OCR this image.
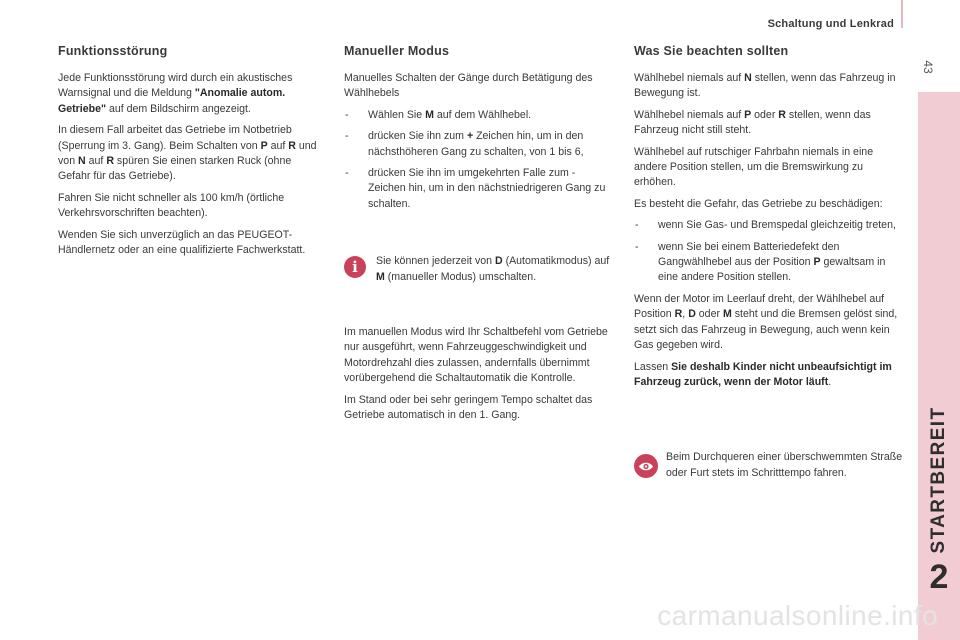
Schaltung und Lenkrad
43
STARTBEREIT
2
Funktionsstörung

Jede Funktionsstörung wird durch ein akustisches Warnsignal und die Meldung "Anomalie autom. Getriebe" auf dem Bildschirm angezeigt.

In diesem Fall arbeitet das Getriebe im Notbetrieb (Sperrung im 3. Gang). Beim Schalten von P auf R und von N auf R spüren Sie einen starken Ruck (ohne Gefahr für das Getriebe).

Fahren Sie nicht schneller als 100 km/h (örtliche Verkehrsvorschriften beachten).

Wenden Sie sich unverzüglich an das PEUGEOT-Händlernetz oder an eine qualifizierte Fachwerkstatt.

Manueller Modus

Manuelles Schalten der Gänge durch Betätigung des Wählhebels

- Wählen Sie M auf dem Wählhebel.
- drücken Sie ihn zum + Zeichen hin, um in den nächsthöheren Gang zu schalten, von 1 bis 6,
- drücken Sie ihn im umgekehrten Falle zum - Zeichen hin, um in den nächstniedrigeren Gang zu schalten.
i	Sie können jederzeit von D (Automatikmodus) auf M (manueller Modus) umschalten.

Im manuellen Modus wird Ihr Schaltbefehl vom Getriebe nur ausgeführt, wenn Fahrzeuggeschwindigkeit und Motordrehzahl dies zulassen, andernfalls übernimmt vorübergehend die Schaltautomatik die Kontrolle.

Im Stand oder bei sehr geringem Tempo schaltet das Getriebe automatisch in den 1. Gang.

Was Sie beachten sollten

Wählhebel niemals auf N stellen, wenn das Fahrzeug in Bewegung ist.

Wählhebel niemals auf P oder R stellen, wenn das Fahrzeug nicht still steht.

Wählhebel auf rutschiger Fahrbahn niemals in eine andere Position stellen, um die Bremswirkung zu erhöhen.

Es besteht die Gefahr, das Getriebe zu beschädigen:

- wenn Sie Gas- und Bremspedal gleichzeitig treten,
- wenn Sie bei einem Batteriedefekt den Gangwählhebel aus der Position P gewaltsam in eine andere Position stellen.

Wenn der Motor im Leerlauf dreht, der Wählhebel auf Position R, D oder M steht und die Bremsen gelöst sind, setzt sich das Fahrzeug in Bewegung, auch wenn kein Gas gegeben wird.

Lassen Sie deshalb Kinder nicht unbeaufsichtigt im Fahrzeug zurück, wenn der Motor läuft.

Beim Durchqueren einer überschwemmten Straße oder Furt stets im Schritttempo fahren.

carmanualsonline.info
